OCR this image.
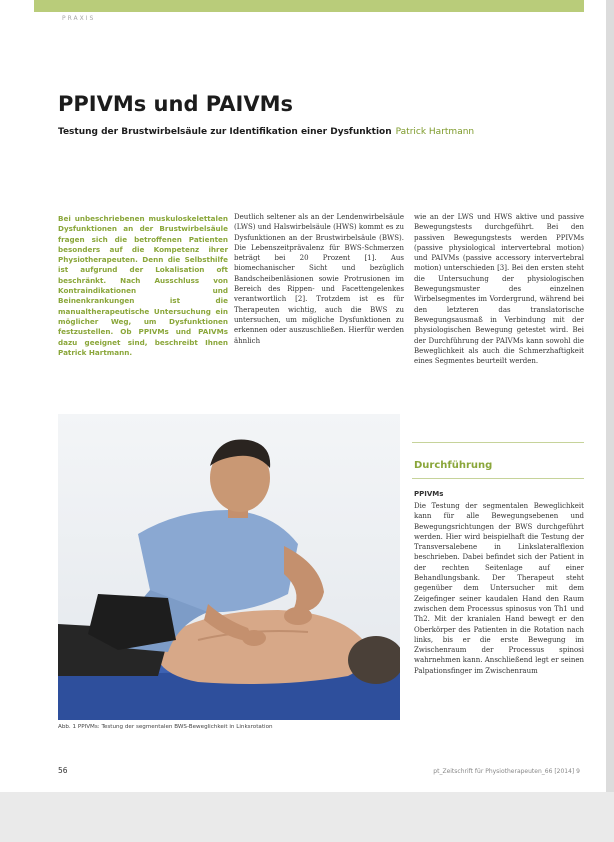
PRAXIS
PPIVMs und PAIVMs
Testung der Brustwirbelsäule zur Identifikation einer Dysfunktion Patrick Hartmann
Bei unbeschriebenen muskuloskelettalen Dysfunktionen an der Brustwirbelsäule fragen sich die betroffenen Patienten besonders auf die Kompetenz ihrer Physiotherapeuten. Denn die Selbsthilfe ist aufgrund der Lokalisation oft beschränkt. Nach Ausschluss von Kontraindikationen und Beinenkrankungen ist die manualtherapeutische Untersuchung ein möglicher Weg, um Dysfunktionen festzustellen. Ob PPIVMs und PAIVMs dazu geeignet sind, beschreibt Ihnen Patrick Hartmann.
Deutlich seltener als an der Lendenwirbelsäule (LWS) und Halswirbelsäule (HWS) kommt es zu Dysfunktionen an der Brustwirbelsäule (BWS). Die Lebenszeitprävalenz für BWS-Schmerzen beträgt bei 20 Prozent [1]. Aus biomechanischer Sicht und bezüglich Bandscheibenläsionen sowie Protrusionen im Bereich des Rippen- und Facettengelenkes verantwortlich [2]. Trotzdem ist es für Therapeuten wichtig, auch die BWS zu untersuchen, um mögliche Dysfunktionen zu erkennen oder auszuschließen. Hierfür werden ähnlich
wie an der LWS und HWS aktive und passive Bewegungstests durchgeführt. Bei den passiven Bewegungstests werden PPIVMs (passive physiological intervertebral motion) und PAIVMs (passive accessory intervertebral motion) unterschieden [3]. Bei den ersten steht die Untersuchung der physiologischen Bewegungsmuster des einzelnen Wirbelsegmentes im Vordergrund, während bei den letzteren das translatorische Bewegungsausmaß in Verbindung mit der physiologischen Bewegung getestet wird. Bei der Durchführung der PAIVMs kann sowohl die Beweglichkeit als auch die Schmerzhaftigkeit eines Segmentes beurteilt werden.
Abb. 1 PPIVMs: Testung der segmentalen BWS-Beweglichkeit in Linksrotation
Durchführung
PPIVMs
Die Testung der segmentalen Beweglichkeit kann für alle Bewegungsebenen und Bewegungsrichtungen der BWS durchgeführt werden. Hier wird beispielhaft die Testung der Transversalebene in Linkslateralflexion beschrieben. Dabei befindet sich der Patient in der rechten Seitenlage auf einer Behandlungsbank. Der Therapeut steht gegenüber dem Untersucher mit dem Zeigefinger seiner kaudalen Hand den Raum zwischen dem Processus spinosus von Th1 und Th2. Mit der kranialen Hand bewegt er den Oberkörper des Patienten in die Rotation nach links, bis er die erste Bewegung im Zwischenraum der Processus spinosi wahrnehmen kann. Anschließend legt er seinen Palpationsfinger im Zwischenraum
56	pt_Zeitschrift für Physiotherapeuten_66 [2014] 9
